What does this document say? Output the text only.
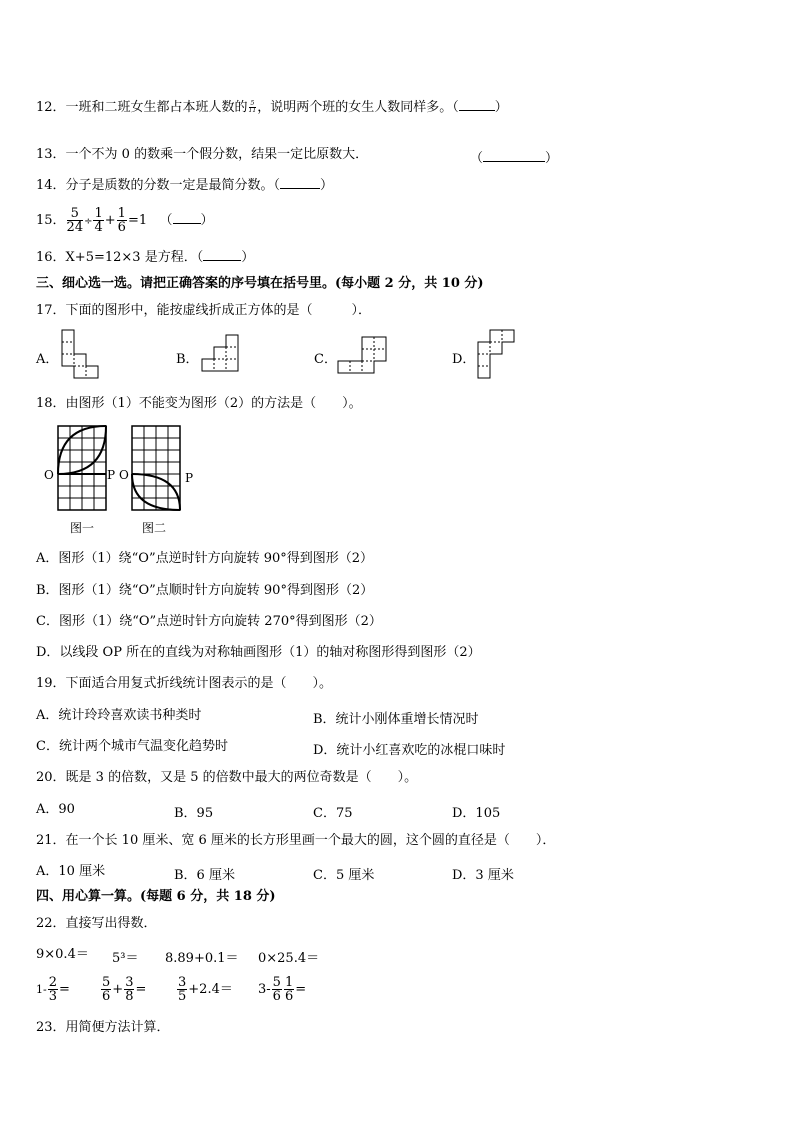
12．一班和二班女生都占本班人数的 $\frac{5}{11}$ ，说明两个班的女生人数同样多。（	）
13．一个不为 0 的数乘一个假分数，结果一定比原数大．	（	）
14．分子是质数的分数一定是最简分数。（	）
15． $\frac{5}{24} \div \frac{1}{4} + \frac{1}{6} =1$ （ ）
16．X+5=12×3 是方程．（	）
三、细心选一选。请把正确答案的序号填在括号里。(每小题 2 分，共 10 分)
17．下面的图形中，能按虚线折成正方体的是（　　　）．
A．	B．	C．	D．
18．由图形（1）不能变为图形（2）的方法是（　　）。
O	P O	P
图一	图二
A．图形（1）绕“O”点逆时针方向旋转 90°得到图形（2）
B．图形（1）绕“O”点顺时针方向旋转 90°得到图形（2）
C．图形（1）绕“O”点逆时针方向旋转 270°得到图形（2）
D．以线段 OP 所在的直线为对称轴画图形（1）的轴对称图形得到图形（2）
19．下面适合用复式折线统计图表示的是（　　）。
A．统计玲玲喜欢读书种类时	B．统计小刚体重增长情况时
C．统计两个城市气温变化趋势时	D．统计小红喜欢吃的冰棍口味时
20．既是 3 的倍数，又是 5 的倍数中最大的两位奇数是（　　）。
A．90	B．95	C．75	D．105
21．在一个长 10 厘米、宽 6 厘米的长方形里画一个最大的圆，这个圆的直径是（　　）．
A．10 厘米	B．6 厘米	C．5 厘米	D．3 厘米
四、用心算一算。(每题 6 分，共 18 分)
22．直接写出得数．
9×0.4＝ 5³＝ 8.89+0.1＝ 0×25.4＝
$1- \frac{2}{3} = \frac{5}{6} + \frac{3}{8} = \frac{3}{5} +2.4= 3- \frac{5}{6} \frac{1}{6}$ =
23．用简便方法计算．
